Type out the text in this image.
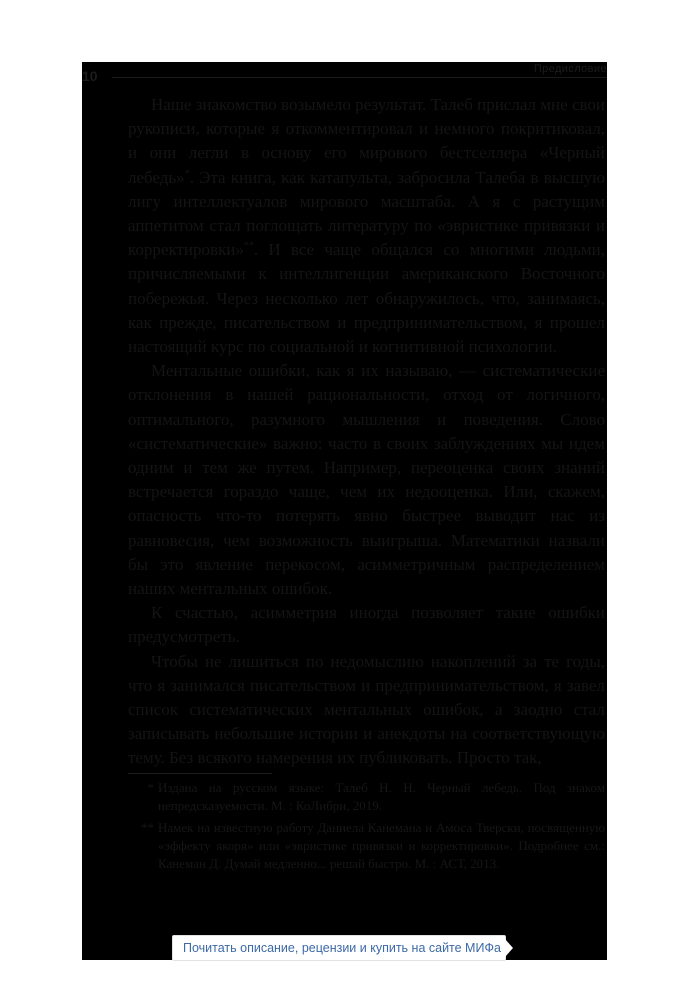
Предисловие
10

Наше знакомство возымело результат. Талеб прислал мне свои рукописи, которые я откомментировал и немного покритиковал, и они легли в основу его мирового бестселлера «Черный лебедь»*. Эта книга, как катапульта, забросила Талеба в высшую лигу интеллектуалов мирового масштаба. А я с растущим аппетитом стал поглощать литературу по «эвристике привязки и корректировки»**. И все чаще общался со многими людьми, причисляемыми к интеллигенции американского Восточного побережья. Через несколько лет обнаружилось, что, занимаясь, как прежде, писательством и предпринимательством, я прошел настоящий курс по социальной и когнитивной психологии.

Ментальные ошибки, как я их называю, — систематические отклонения в нашей рациональности, отход от логичного, оптимального, разумного мышления и поведения. Слово «систематические» важно: часто в своих заблуждениях мы идем одним и тем же путем. Например, переоценка своих знаний встречается гораздо чаще, чем их недооценка. Или, скажем, опасность что-то потерять явно быстрее выводит нас из равновесия, чем возможность выигрыша. Математики назвали бы это явление перекосом, асимметричным распределением наших ментальных ошибок.

К счастью, асимметрия иногда позволяет такие ошибки предусмотреть.

Чтобы не лишиться по недомыслию накоплений за те годы, что я занимался писательством и предпринимательством, я завел список систематических ментальных ошибок, а заодно стал записывать небольшие истории и анекдоты на соответствующую тему. Без всякого намерения их публиковать. Просто так,

* Издана на русском языке: Талеб Н. Н. Черный лебедь. Под знаком непредсказуемости. М. : КоЛибри, 2019.
** Намек на известную работу Даниела Канемана и Амоса Тверски, посвященную «эффекту якоря» или «эвристике привязки и корректировки». Подробнее см.: Канеман Д. Думай медленно... решай быстро. М. : АСТ, 2013.
Почитать описание, рецензии и купить на сайте МИФа
